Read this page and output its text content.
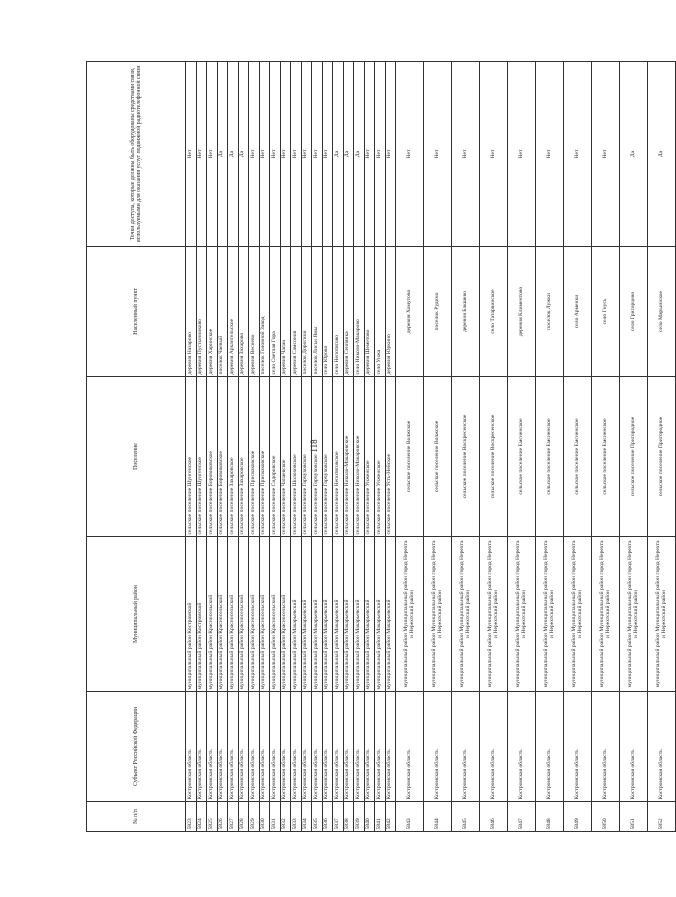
118
№ п/п	Субъект Российской Федерации	Муниципальный район	Поселение	Населенный пункт	Точки доступа, которые должны быть оборудованы средствами связи, используемыми для оказания услуг подвижной радиотелефонной связи
5823	Костромская область	муниципальный район Костромской	сельское поселение Шунгенское	деревня Назарово	Нет
5824	Костромская область	муниципальный район Костромской	сельское поселение Шунгенское	деревня Пустынниково	Нет
5825	Костромская область	муниципальный район Красносельский	сельское поселение Боровиковское	деревня Харинское	Нет
5826	Костромская область	муниципальный район Красносельский	сельское поселение Боровиковское	поселок Чаевый	Да
5827	Костромская область	муниципальный район Красносельский	сельское поселение Захаровское	деревня Архангельское	Да
5828	Костромская область	муниципальный район Красносельский	сельское поселение Захаровское	деревня Захарово	Да
5829	Костромская область	муниципальный район Красносельский	сельское поселение Прискоковское	деревня Веснево	Нет
5830	Костромская область	муниципальный район Красносельский	сельское поселение Прискоковское	поселок Головной Завод	Нет
5831	Костромская область	муниципальный район Красносельский	сельское поселение Сидоровское	село Светлая Гора	Нет
5832	Костромская область	муниципальный район Красносельский	сельское поселение Чапаевское	деревня Чапаи	Нет
5833	Костромская область	муниципальный район Макарьевский	сельское поселение Шолоховское	деревня Самсонов	Нет
5834	Костромская область	муниципальный район Макарьевский	сельское поселение Горчуховское	поселок Дорогини	Нет
5835	Костромская область	муниципальный район Макарьевский	сельское поселение Горчуховское	поселок Лисьи Ямы	Нет
5836	Костромская область	муниципальный район Макарьевский	сельское поселение Горчуховское	село Юрово	Нет
5837	Костромская область	муниципальный район Макарьевский	сельское поселение Непотяговское	село Непотягово	Да
5838	Костромская область	муниципальный район Макарьевский	сельское поселение Николо-Макаровское	деревня Сеннянка	Да
5839	Костромская область	муниципальный район Макарьевский	сельское поселение Николо-Макаровское	село Николо-Макарово	Да
5840	Костромская область	муниципальный район Макарьевский	сельское поселение Унженское	деревня Шеметово	Нет
5841	Костромская область	муниципальный район Макарьевский	сельское поселение Унженское	село Унжа	Нет
5842	Костромская область	муниципальный район Макарьевский	сельское поселение Усть-Нейское	деревня Юркино	Нет
5843	Костромская область	муниципальный район Муниципальный район город Нерехта и Нерехтский район	сельское поселение Волжское	деревня Хомутово	Нет
5844	Костромская область	муниципальный район Муниципальный район город Нерехта и Нерехтский район	сельское поселение Волжское	поселок Рудино	Нет
5845	Костромская область	муниципальный район Муниципальный район город Нерехта и Нерехтский район	сельское поселение Воскресенское	деревня Бакшево	Нет
5846	Костромская область	муниципальный район Муниципальный район город Нерехта и Нерехтский район	сельское поселение Воскресенское	село Татарвинское	Нет
5847	Костромская область	муниципальный район Муниципальный район город Нерехта и Нерехтский район	сельское поселение Емсненское	деревня Климентово	Нет
5848	Костромская область	муниципальный район Муниципальный район город Нерехта и Нерехтский район	сельское поселение Емсненское	поселок Лужки	Нет
5849	Костромская область	муниципальный район Муниципальный район город Нерехта и Нерехтский район	сельское поселение Емсненское	село Арменки	Нет
5850	Костромская область	муниципальный район Муниципальный район город Нерехта и Нерехтский район	сельское поселение Емсненское	село Гнусь	Нет
5851	Костромская область	муниципальный район Муниципальный район город Нерехта и Нерехтский район	сельское поселение Пригородное	село Григорцево	Да
5852	Костромская область	муниципальный район Муниципальный район город Нерехта и Нерехтский район	сельское поселение Пригородное	село Марьинское	Да
